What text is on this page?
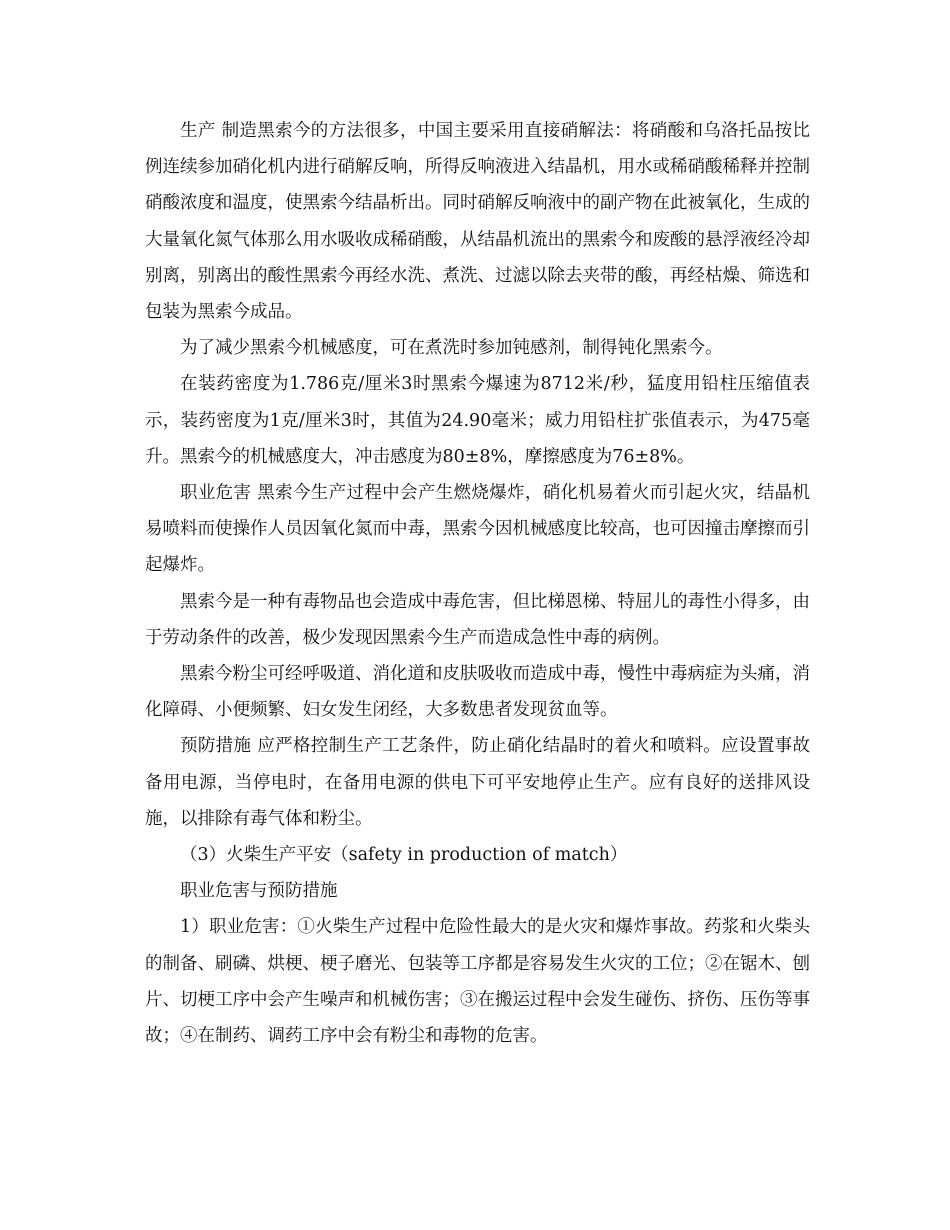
生产 制造黑索今的方法很多，中国主要采用直接硝解法：将硝酸和乌洛托品按比例连续参加硝化机内进行硝解反响，所得反响液进入结晶机，用水或稀硝酸稀释并控制硝酸浓度和温度，使黑索今结晶析出。同时硝解反响液中的副产物在此被氧化，生成的大量氧化氮气体那么用水吸收成稀硝酸，从结晶机流出的黑索今和废酸的悬浮液经冷却别离，别离出的酸性黑索今再经水洗、煮洗、过滤以除去夹带的酸，再经枯燥、筛选和包装为黑索今成品。

为了减少黑索今机械感度，可在煮洗时参加钝感剂，制得钝化黑索今。

在装药密度为1.786克/厘米3时黑索今爆速为8712米/秒，猛度用铅柱压缩值表示，装药密度为1克/厘米3时，其值为24.90毫米；威力用铅柱扩张值表示，为475毫升。黑索今的机械感度大，冲击感度为80±8%，摩擦感度为76±8%。

职业危害 黑索今生产过程中会产生燃烧爆炸，硝化机易着火而引起火灾，结晶机易喷料而使操作人员因氧化氮而中毒，黑索今因机械感度比较高，也可因撞击摩擦而引起爆炸。

黑索今是一种有毒物品也会造成中毒危害，但比梯恩梯、特屈儿的毒性小得多，由于劳动条件的改善，极少发现因黑索今生产而造成急性中毒的病例。

黑索今粉尘可经呼吸道、消化道和皮肤吸收而造成中毒，慢性中毒病症为头痛，消化障碍、小便频繁、妇女发生闭经，大多数患者发现贫血等。

预防措施 应严格控制生产工艺条件，防止硝化结晶时的着火和喷料。应设置事故备用电源，当停电时，在备用电源的供电下可平安地停止生产。应有良好的送排风设施，以排除有毒气体和粉尘。

（3）火柴生产平安（safety in production of match）

职业危害与预防措施

1）职业危害：①火柴生产过程中危险性最大的是火灾和爆炸事故。药浆和火柴头的制备、刷磷、烘梗、梗子磨光、包装等工序都是容易发生火灾的工位；②在锯木、刨片、切梗工序中会产生噪声和机械伤害；③在搬运过程中会发生碰伤、挤伤、压伤等事故；④在制药、调药工序中会有粉尘和毒物的危害。
